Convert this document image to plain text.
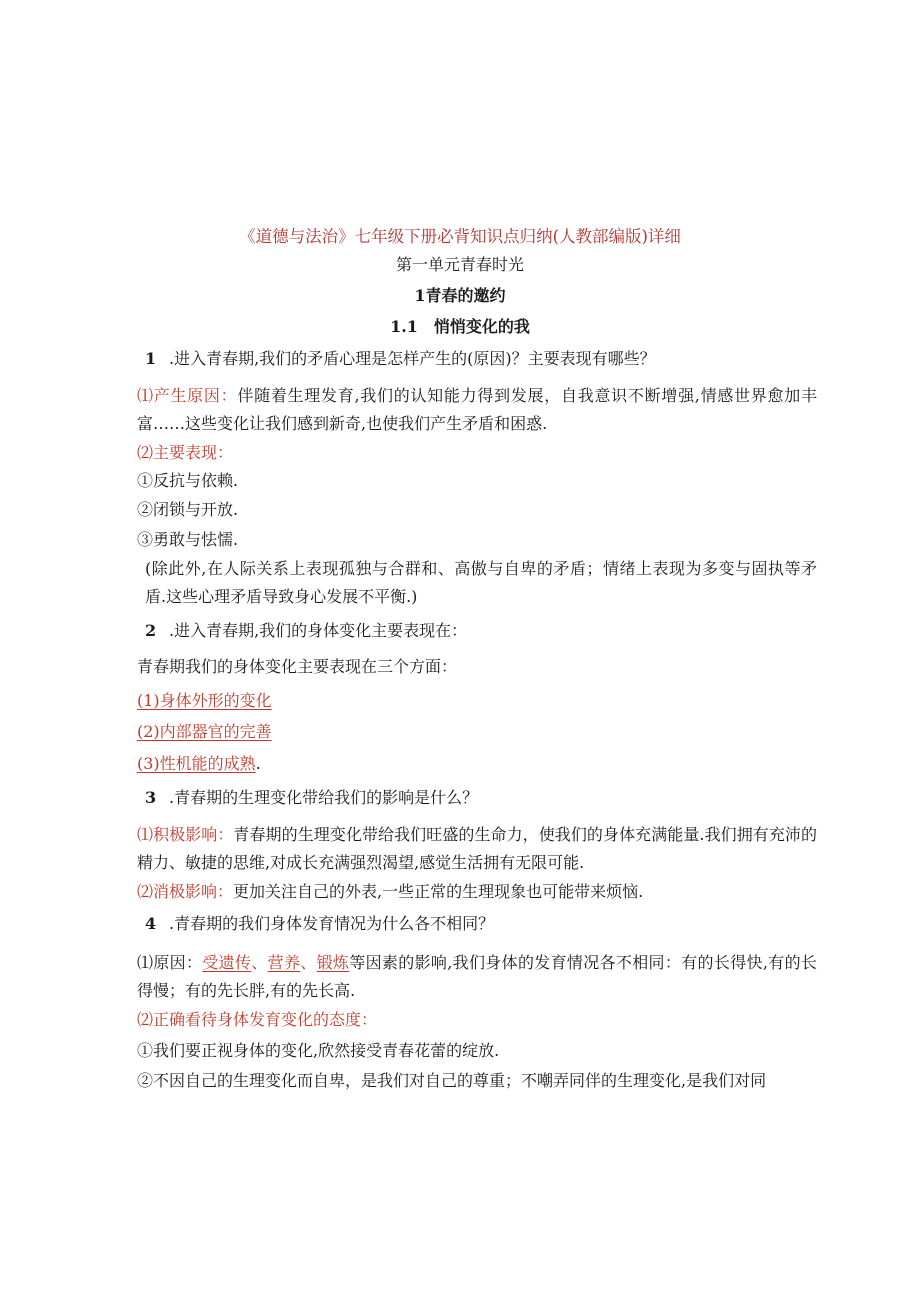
《道德与法治》七年级下册必背知识点归纳(人教部编版)详细
第一单元青春时光
1青春的邀约
1.1　悄悄变化的我
1 .进入青春期,我们的矛盾心理是怎样产生的(原因)？主要表现有哪些？
⑴产生原因：伴随着生理发育,我们的认知能力得到发展，自我意识不断增强,情感世界愈加丰富……这些变化让我们感到新奇,也使我们产生矛盾和困惑.
⑵主要表现：
①反抗与依赖.
②闭锁与开放.
③勇敢与怯懦.
(除此外,在人际关系上表现孤独与合群和、高傲与自卑的矛盾；情绪上表现为多变与固执等矛盾.这些心理矛盾导致身心发展不平衡.)
2 .进入青春期,我们的身体变化主要表现在：
青春期我们的身体变化主要表现在三个方面：
(1)身体外形的变化
(2)内部器官的完善
(3)性机能的成熟.
3 .青春期的生理变化带给我们的影响是什么？
⑴积极影响：青春期的生理变化带给我们旺盛的生命力，使我们的身体充满能量.我们拥有充沛的精力、敏捷的思维,对成长充满强烈渴望,感觉生活拥有无限可能.
⑵消极影响：更加关注自己的外表,一些正常的生理现象也可能带来烦恼.
4 .青春期的我们身体发育情况为什么各不相同？
⑴原因：受遗传、营养、锻炼等因素的影响,我们身体的发育情况各不相同：有的长得快,有的长得慢；有的先长胖,有的先长高.
⑵正确看待身体发育变化的态度：
①我们要正视身体的变化,欣然接受青春花蕾的绽放.
②不因自己的生理变化而自卑，是我们对自己的尊重；不嘲弄同伴的生理变化,是我们对同
